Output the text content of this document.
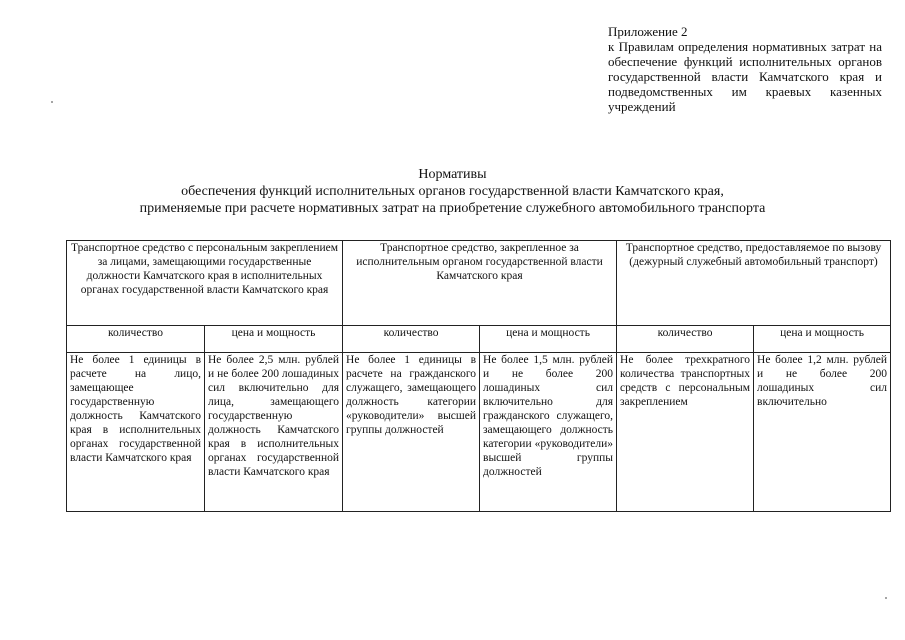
Приложение 2
к Правилам определения нормативных затрат на обеспечение функций исполнительных органов государственной власти Камчатского края и подведомственных им краевых казенных учреждений
Нормативы
обеспечения функций исполнительных органов государственной власти Камчатского края,
применяемые при расчете нормативных затрат на приобретение служебного автомобильного транспорта
Транспортное средство с персональным закреплением за лицами, замещающими государственные должности Камчатского края в исполнительных органах государственной власти Камчатского края		Транспортное средство, закрепленное за исполнительным органом государственной власти Камчатского края		Транспортное средство, предоставляемое по вызову (дежурный служебный автомобильный транспорт)	
количество	цена и мощность	количество	цена и мощность	количество	цена и мощность
Не более 1 единицы в расчете на лицо, замещающее государственную должность Камчатского края в исполнительных органах государственной власти Камчатского края	Не более 2,5 млн. рублей и не более 200 лошадиных сил включительно для лица, замещающего государственную должность Камчатского края в исполнительных органах государственной власти Камчатского края	Не более 1 единицы в расчете на гражданского служащего, замещающего должность категории «руководители» высшей группы должностей	Не более 1,5 млн. рублей и не более 200 лошадиных сил включительно для гражданского служащего, замещающего должность категории «руководители» высшей группы должностей	Не более трехкратного количества транспортных средств с персональным закреплением	Не более 1,2 млн. рублей и не более 200 лошадиных сил включительно
